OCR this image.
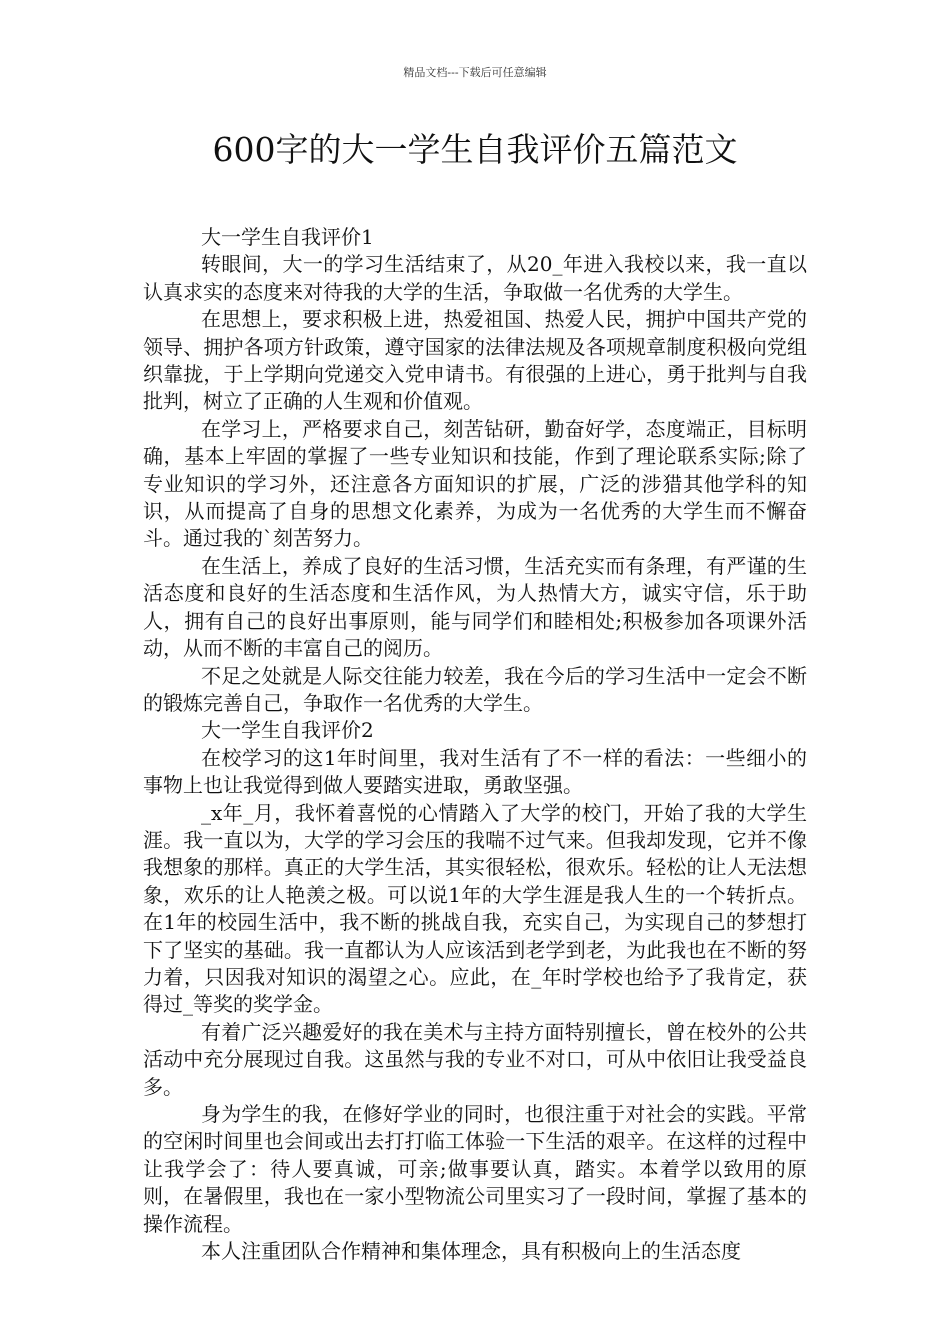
精品文档---下载后可任意编辑
600字的大一学生自我评价五篇范文

大一学生自我评价1

转眼间，大一的学习生活结束了，从20_年进入我校以来，我一直以认真求实的态度来对待我的大学的生活，争取做一名优秀的大学生。

在思想上，要求积极上进，热爱祖国、热爱人民，拥护中国共产党的领导、拥护各项方针政策，遵守国家的法律法规及各项规章制度积极向党组织靠拢，于上学期向党递交入党申请书。有很强的上进心，勇于批判与自我批判，树立了正确的人生观和价值观。

在学习上，严格要求自己，刻苦钻研，勤奋好学，态度端正，目标明确，基本上牢固的掌握了一些专业知识和技能，作到了理论联系实际;除了专业知识的学习外，还注意各方面知识的扩展，广泛的涉猎其他学科的知识，从而提高了自身的思想文化素养，为成为一名优秀的大学生而不懈奋斗。通过我的`刻苦努力。

在生活上，养成了良好的生活习惯，生活充实而有条理，有严谨的生活态度和良好的生活态度和生活作风，为人热情大方，诚实守信，乐于助人，拥有自己的良好出事原则，能与同学们和睦相处;积极参加各项课外活动，从而不断的丰富自己的阅历。

不足之处就是人际交往能力较差，我在今后的学习生活中一定会不断的锻炼完善自己，争取作一名优秀的大学生。

大一学生自我评价2

在校学习的这1年时间里，我对生活有了不一样的看法：一些细小的事物上也让我觉得到做人要踏实进取，勇敢坚强。

_x年_月，我怀着喜悦的心情踏入了大学的校门，开始了我的大学生涯。我一直以为，大学的学习会压的我喘不过气来。但我却发现，它并不像我想象的那样。真正的大学生活，其实很轻松，很欢乐。轻松的让人无法想象，欢乐的让人艳羡之极。可以说1年的大学生涯是我人生的一个转折点。在1年的校园生活中，我不断的挑战自我，充实自己，为实现自己的梦想打下了坚实的基础。我一直都认为人应该活到老学到老，为此我也在不断的努力着，只因我对知识的渴望之心。应此，在_年时学校也给予了我肯定，获得过_等奖的奖学金。

有着广泛兴趣爱好的我在美术与主持方面特别擅长，曾在校外的公共活动中充分展现过自我。这虽然与我的专业不对口，可从中依旧让我受益良多。

身为学生的我，在修好学业的同时，也很注重于对社会的实践。平常的空闲时间里也会间或出去打打临工体验一下生活的艰辛。在这样的过程中让我学会了：待人要真诚，可亲;做事要认真，踏实。本着学以致用的原则，在暑假里，我也在一家小型物流公司里实习了一段时间，掌握了基本的操作流程。

本人注重团队合作精神和集体理念，具有积极向上的生活态度
